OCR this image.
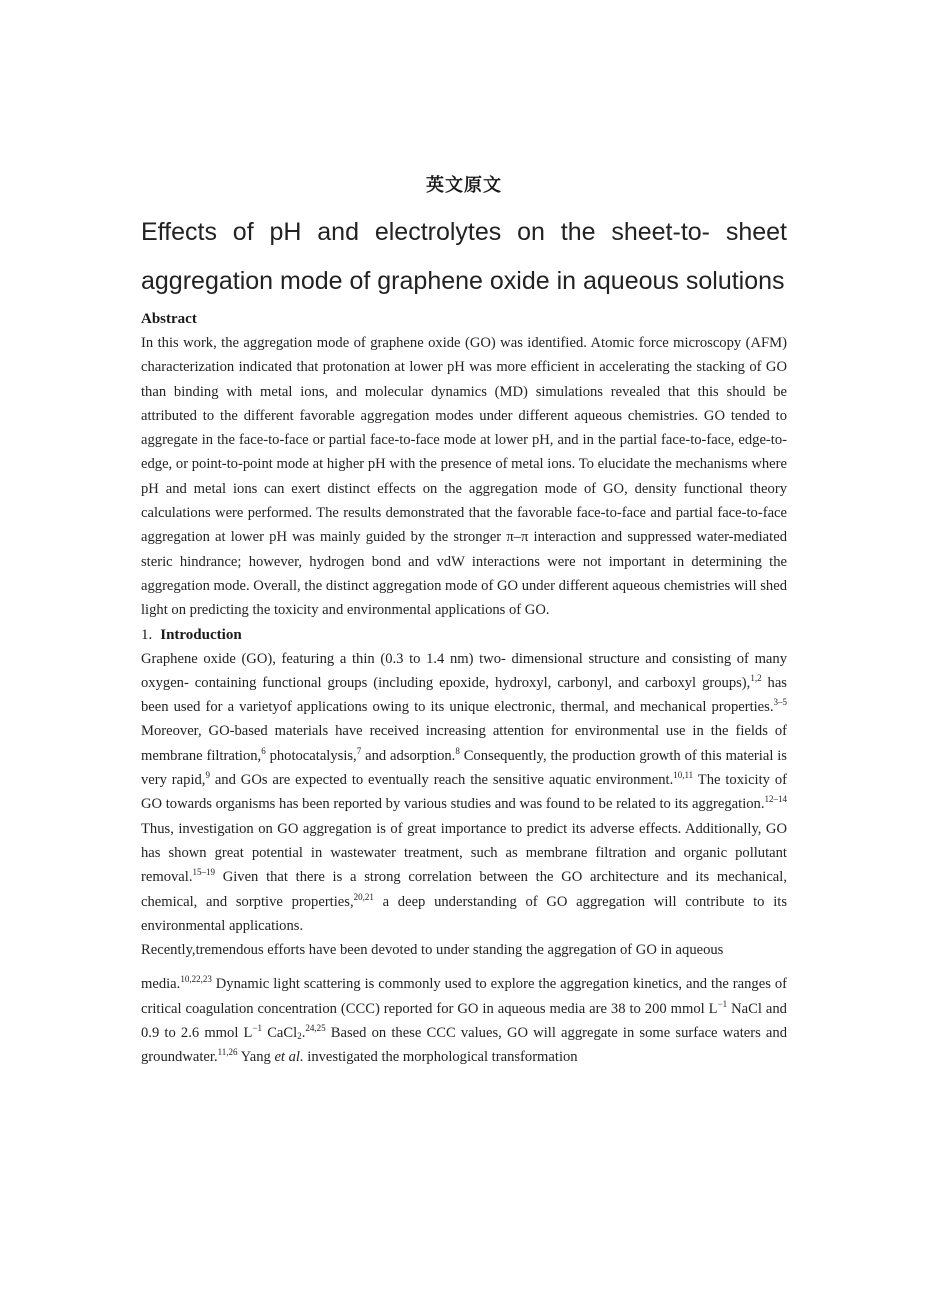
英文原文
Effects of pH and electrolytes on the sheet-to- sheet aggregation mode of graphene oxide in aqueous solutions
Abstract

In this work, the aggregation mode of graphene oxide (GO) was identified. Atomic force microscopy (AFM) characterization indicated that protonation at lower pH was more efficient in accelerating the stacking of GO than binding with metal ions, and molecular dynamics (MD) simulations revealed that this should be attributed to the different favorable aggregation modes under different aqueous chemistries. GO tended to aggregate in the face-to-face or partial face-to-face mode at lower pH, and in the partial face-to-face, edge-to-edge, or point-to-point mode at higher pH with the presence of metal ions. To elucidate the mechanisms where pH and metal ions can exert distinct effects on the aggregation mode of GO, density functional theory calculations were performed. The results demonstrated that the favorable face-to-face and partial face-to-face aggregation at lower pH was mainly guided by the stronger π–π interaction and suppressed water-mediated steric hindrance; however, hydrogen bond and vdW interactions were not important in determining the aggregation mode. Overall, the distinct aggregation mode of GO under different aqueous chemistries will shed light on predicting the toxicity and environmental applications of GO.

1. Introduction

Graphene oxide (GO), featuring a thin (0.3 to 1.4 nm) two- dimensional structure and consisting of many oxygen- containing functional groups (including epoxide, hydroxyl, carbonyl, and carboxyl groups),$^{1,2}$ has been used for a varietyof applications owing to its unique electronic, thermal, and mechanical properties.$^{3-5}$ Moreover, GO-based materials have received increasing attention for environmental use in the fields of membrane filtration,$^6$ photocatalysis,$^7$ and adsorption.$^8$ Consequently, the production growth of this material is very rapid,$^9$ and GOs are expected to eventually reach the sensitive aquatic environment.$^{10,11}$ The toxicity of GO towards organisms has been reported by various studies and was found to be related to its aggregation.$^{12-14}$ Thus, investigation on GO aggregation is of great importance to predict its adverse effects. Additionally, GO has shown great potential in wastewater treatment, such as membrane filtration and organic pollutant removal.$^{15-19}$ Given that there is a strong correlation between the GO architecture and its mechanical, chemical, and sorptive properties,$^{20,21}$ a deep understanding of GO aggregation will contribute to its environmental applications.

Recently,tremendous efforts have been devoted to under standing the aggregation of GO in aqueous

media.$^{10,22,23}$ Dynamic light scattering is commonly used to explore the aggregation kinetics, and the ranges of critical coagulation concentration (CCC) reported for GO in aqueous media are 38 to 200 mmol $L^{-1}$ NaCl and 0.9 to 2.6 mmol $L^{-1}$ CaCl$_2$.$^{24,25}$ Based on these CCC values, GO will aggregate in some surface waters and groundwater.$^{11,26}$ Yang et al. investigated the morphological transformation
